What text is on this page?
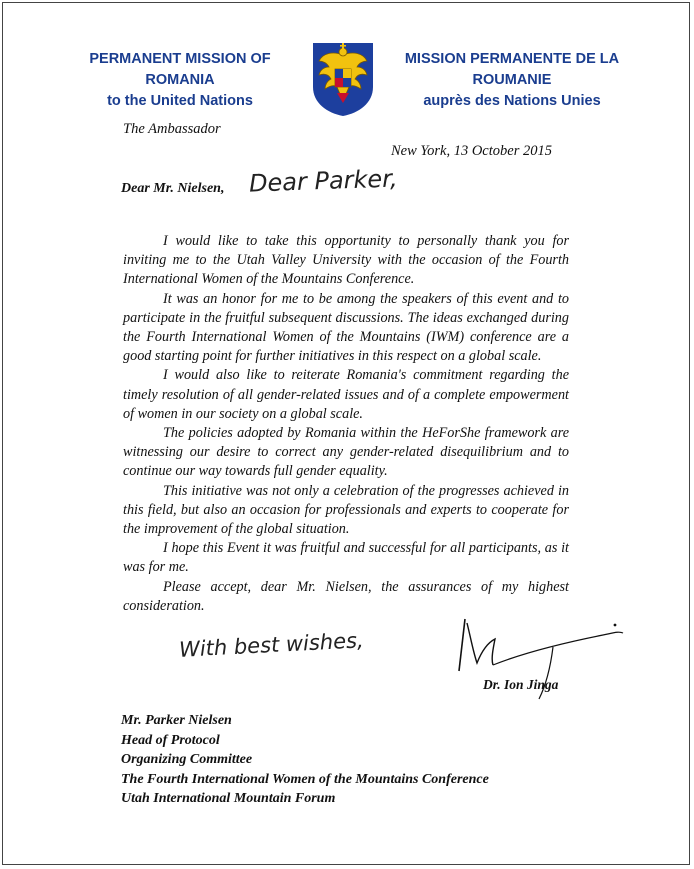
PERMANENT MISSION OF
ROMANIA
to the United Nations
MISSION PERMANENTE DE LA
ROUMANIE
auprès des Nations Unies
The Ambassador
New York, 13 October 2015
Dear Mr. Nielsen, Dear Parker,

I would like to take this opportunity to personally thank you for inviting me to the Utah Valley University with the occasion of the Fourth International Women of the Mountains Conference.

It was an honor for me to be among the speakers of this event and to participate in the fruitful subsequent discussions. The ideas exchanged during the Fourth International Women of the Mountains (IWM) conference are a good starting point for further initiatives in this respect on a global scale.

I would also like to reiterate Romania's commitment regarding the timely resolution of all gender-related issues and of a complete empowerment of women in our society on a global scale.

The policies adopted by Romania within the HeForShe framework are witnessing our desire to correct any gender-related disequilibrium and to continue our way towards full gender equality.

This initiative was not only a celebration of the progresses achieved in this field, but also an occasion for professionals and experts to cooperate for the improvement of the global situation.

I hope this Event it was fruitful and successful for all participants, as it was for me.

Please accept, dear Mr. Nielsen, the assurances of my highest consideration.

With best wishes,
Dr. Ion Jinga
Mr. Parker Nielsen
Head of Protocol
Organizing Committee
The Fourth International Women of the Mountains Conference
Utah International Mountain Forum
